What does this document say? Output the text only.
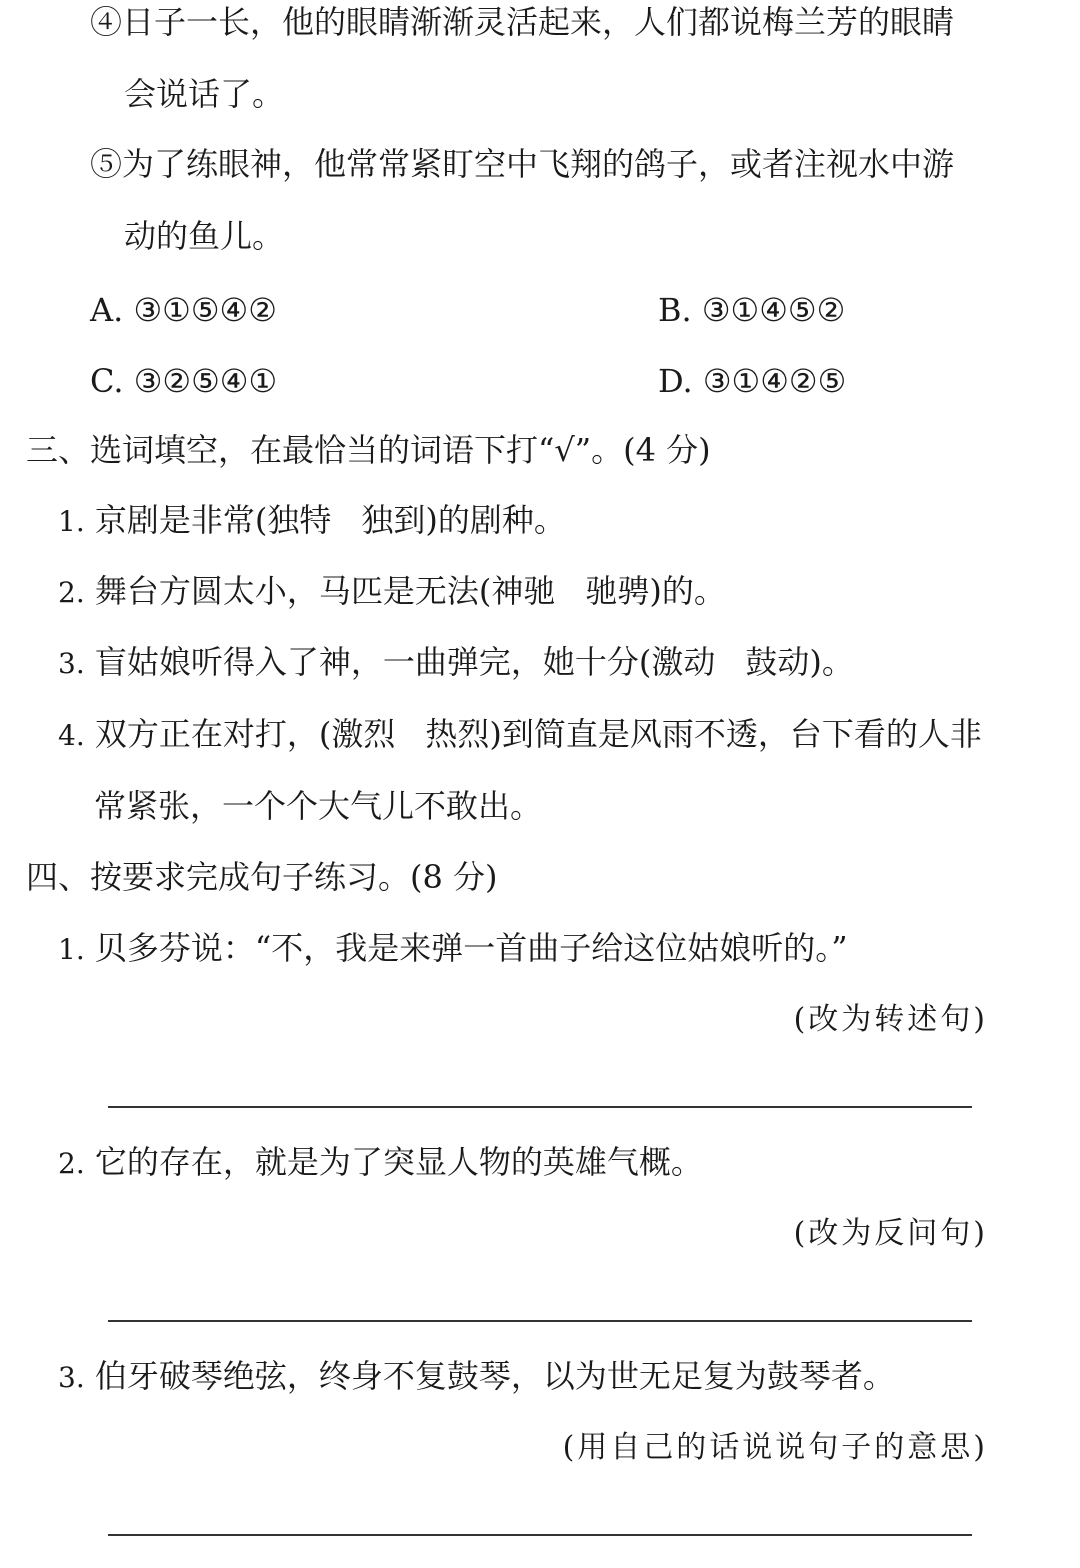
④日子一长，他的眼睛渐渐灵活起来，人们都说梅兰芳的眼睛
会说话了。
⑤为了练眼神，他常常紧盯空中飞翔的鸽子，或者注视水中游
动的鱼儿。
A. ③①⑤④②	B. ③①④⑤②
C. ③②⑤④①	D. ③①④②⑤
三、选词填空，在最恰当的词语下打“√”。(4 分)
1. 京剧是非常(独特 独到)的剧种。
2. 舞台方圆太小，马匹是无法(神驰 驰骋)的。
3. 盲姑娘听得入了神，一曲弹完，她十分(激动 鼓动)。
4. 双方正在对打，(激烈 热烈)到简直是风雨不透，台下看的人非
常紧张，一个个大气儿不敢出。
四、按要求完成句子练习。(8 分)
1. 贝多芬说：“不，我是来弹一首曲子给这位姑娘听的。”
(改为转述句)
2. 它的存在，就是为了突显人物的英雄气概。
(改为反问句)
3. 伯牙破琴绝弦，终身不复鼓琴，以为世无足复为鼓琴者。
(用自己的话说说句子的意思)
